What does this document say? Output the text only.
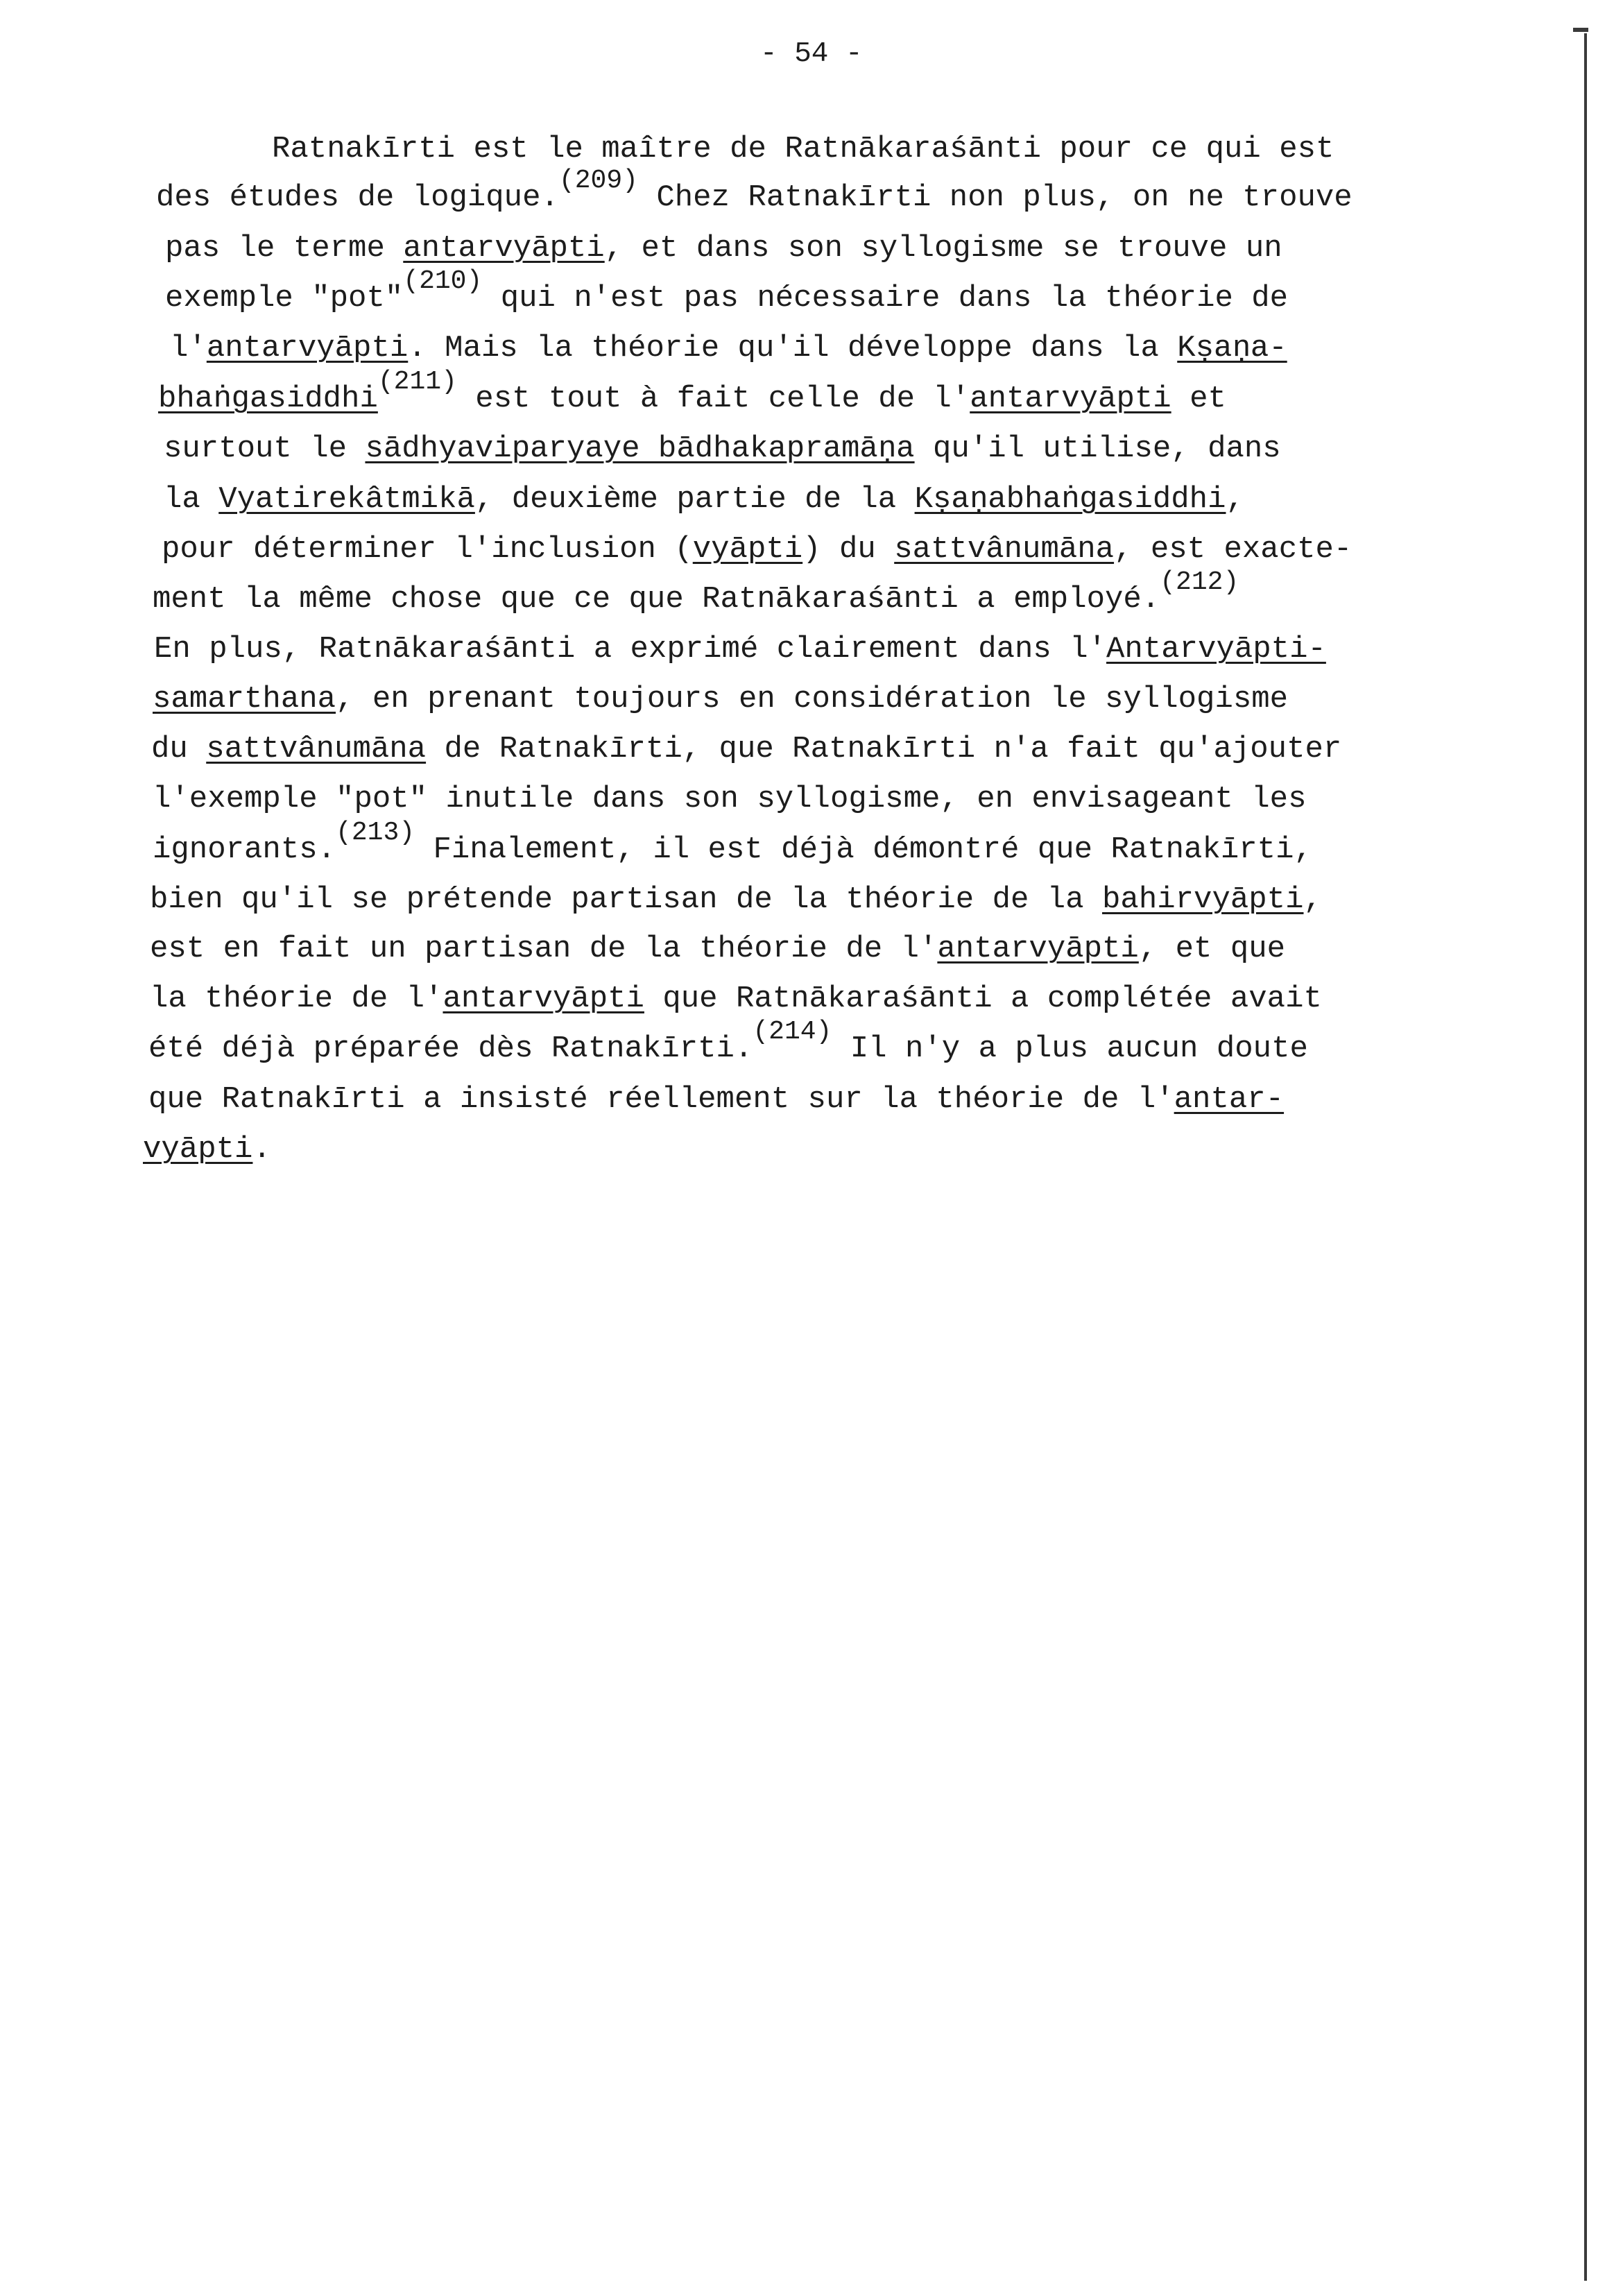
- 54 -
Ratnakīrti est le maître de Ratnākaraśānti pour ce qui est
des études de logique.(209) Chez Ratnakīrti non plus, on ne trouve
pas le terme antarvyāpti, et dans son syllogisme se trouve un
exemple "pot"(210) qui n'est pas nécessaire dans la théorie de
l'antarvyāpti. Mais la théorie qu'il développe dans la Kṣaṇa-
bhaṅgasiddhi(211) est tout à fait celle de l'antarvyāpti et
surtout le sādhyaviparyaye bādhakapramāṇa qu'il utilise, dans
la Vyatirekâtmikā, deuxième partie de la Kṣaṇabhaṅgasiddhi,
pour déterminer l'inclusion (vyāpti) du sattvânumāna, est exacte-
ment la même chose que ce que Ratnākaraśānti a employé.(212)
En plus, Ratnākaraśānti a exprimé clairement dans l'Antarvyāpti-
samarthana, en prenant toujours en considération le syllogisme
du sattvânumāna de Ratnakīrti, que Ratnakīrti n'a fait qu'ajouter
l'exemple "pot" inutile dans son syllogisme, en envisageant les
ignorants.(213) Finalement, il est déjà démontré que Ratnakīrti,
bien qu'il se prétende partisan de la théorie de la bahirvyāpti,
est en fait un partisan de la théorie de l'antarvyāpti, et que
la théorie de l'antarvyāpti que Ratnākaraśānti a complétée avait
été déjà préparée dès Ratnakīrti.(214) Il n'y a plus aucun doute
que Ratnakīrti a insisté réellement sur la théorie de l'antar-
vyāpti.
